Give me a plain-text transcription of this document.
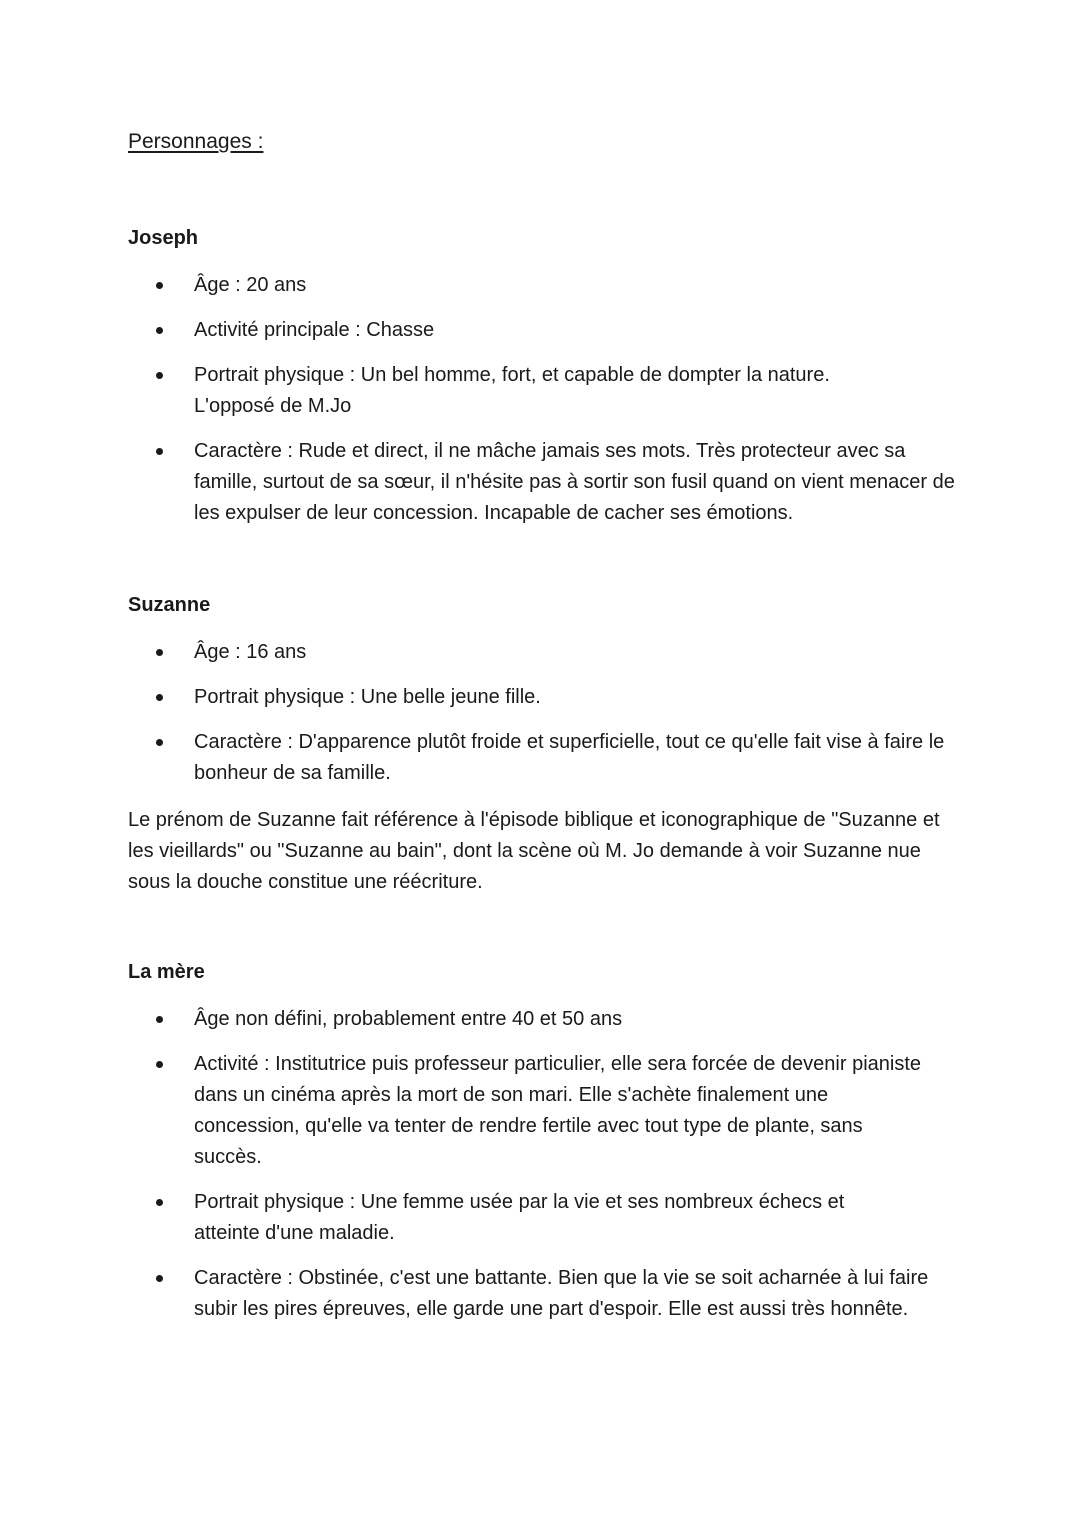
Personnages :
Joseph
Âge : 20 ans
Activité principale : Chasse
Portrait physique : Un bel homme, fort, et capable de dompter la nature. L'opposé de M.Jo
Caractère : Rude et direct, il ne mâche jamais ses mots. Très protecteur avec sa famille, surtout de sa sœur, il n'hésite pas à sortir son fusil quand on vient menacer de les expulser de leur concession. Incapable de cacher ses émotions.
Suzanne
Âge : 16 ans
Portrait physique : Une belle jeune fille.
Caractère : D'apparence plutôt froide et superficielle, tout ce qu'elle fait vise à faire le bonheur de sa famille.

Le prénom de Suzanne fait référence à l'épisode biblique et iconographique de "Suzanne et les vieillards" ou "Suzanne au bain", dont la scène où M. Jo demande à voir Suzanne nue sous la douche constitue une réécriture.

La mère
Âge non défini, probablement entre 40 et 50 ans
Activité : Institutrice puis professeur particulier, elle sera forcée de devenir pianiste dans un cinéma après la mort de son mari. Elle s'achète finalement une concession, qu'elle va tenter de rendre fertile avec tout type de plante, sans succès.
Portrait physique : Une femme usée par la vie et ses nombreux échecs et atteinte d'une maladie.
Caractère : Obstinée, c'est une battante. Bien que la vie se soit acharnée à lui faire subir les pires épreuves, elle garde une part d'espoir. Elle est aussi très honnête.
